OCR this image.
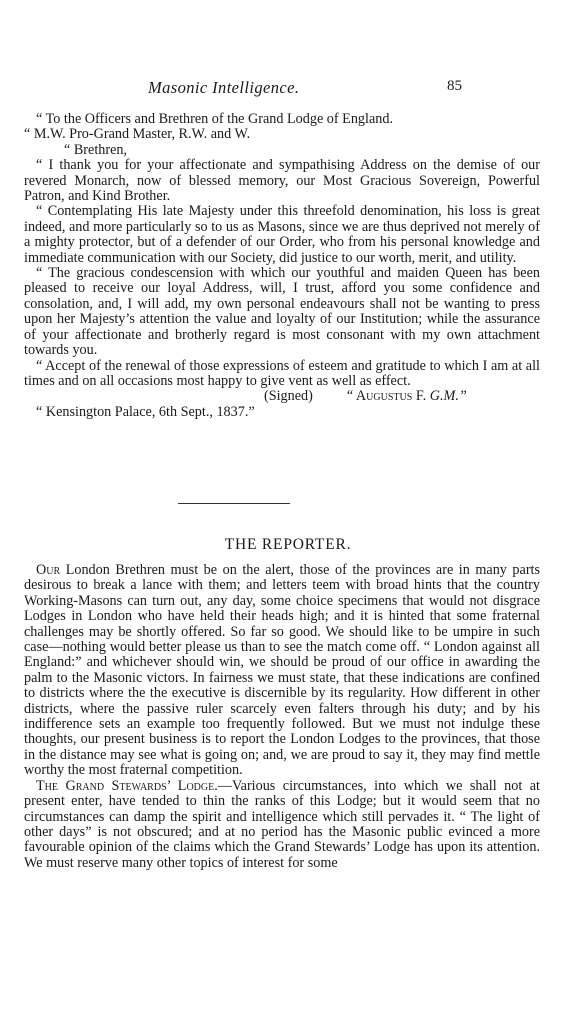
Masonic Intelligence.	85

“ To the Officers and Brethren of the Grand Lodge of England.

“ M.W. Pro-Grand Master, R.W. and W.

“ Brethren,

“ I thank you for your affectionate and sympathising Address on the demise of our revered Monarch, now of blessed memory, our Most Gracious Sovereign, Powerful Patron, and Kind Brother.

“ Contemplating His late Majesty under this threefold denomination, his loss is great indeed, and more particularly so to us as Masons, since we are thus deprived not merely of a mighty protector, but of a defender of our Order, who from his personal knowledge and immediate communication with our Society, did justice to our worth, merit, and utility.

“ The gracious condescension with which our youthful and maiden Queen has been pleased to receive our loyal Address, will, I trust, afford you some confidence and consolation, and, I will add, my own personal endeavours shall not be wanting to press upon her Majesty’s attention the value and loyalty of our Institution; while the assurance of your affectionate and brotherly regard is most consonant with my own attachment towards you.

“ Accept of the renewal of those expressions of esteem and gratitude to which I am at all times and on all occasions most happy to give vent as well as effect.

(Signed) “ Augustus F. G.M.”

“ Kensington Palace, 6th Sept., 1837.”

THE REPORTER.

Our London Brethren must be on the alert, those of the provinces are in many parts desirous to break a lance with them; and letters teem with broad hints that the country Working-Masons can turn out, any day, some choice specimens that would not disgrace Lodges in London who have held their heads high; and it is hinted that some fraternal challenges may be shortly offered. So far so good. We should like to be umpire in such case—nothing would better please us than to see the match come off. “ London against all England:” and whichever should win, we should be proud of our office in awarding the palm to the Masonic victors. In fairness we must state, that these indications are confined to districts where the the executive is discernible by its regularity. How different in other districts, where the passive ruler scarcely even falters through his duty; and by his indifference sets an example too frequently followed. But we must not indulge these thoughts, our present business is to report the London Lodges to the provinces, that those in the distance may see what is going on; and, we are proud to say it, they may find mettle worthy the most fraternal competition.

The Grand Stewards’ Lodge.—Various circumstances, into which we shall not at present enter, have tended to thin the ranks of this Lodge; but it would seem that no circumstances can damp the spirit and intelligence which still pervades it. “ The light of other days” is not obscured; and at no period has the Masonic public evinced a more favourable opinion of the claims which the Grand Stewards’ Lodge has upon its attention. We must reserve many other topics of interest for some
